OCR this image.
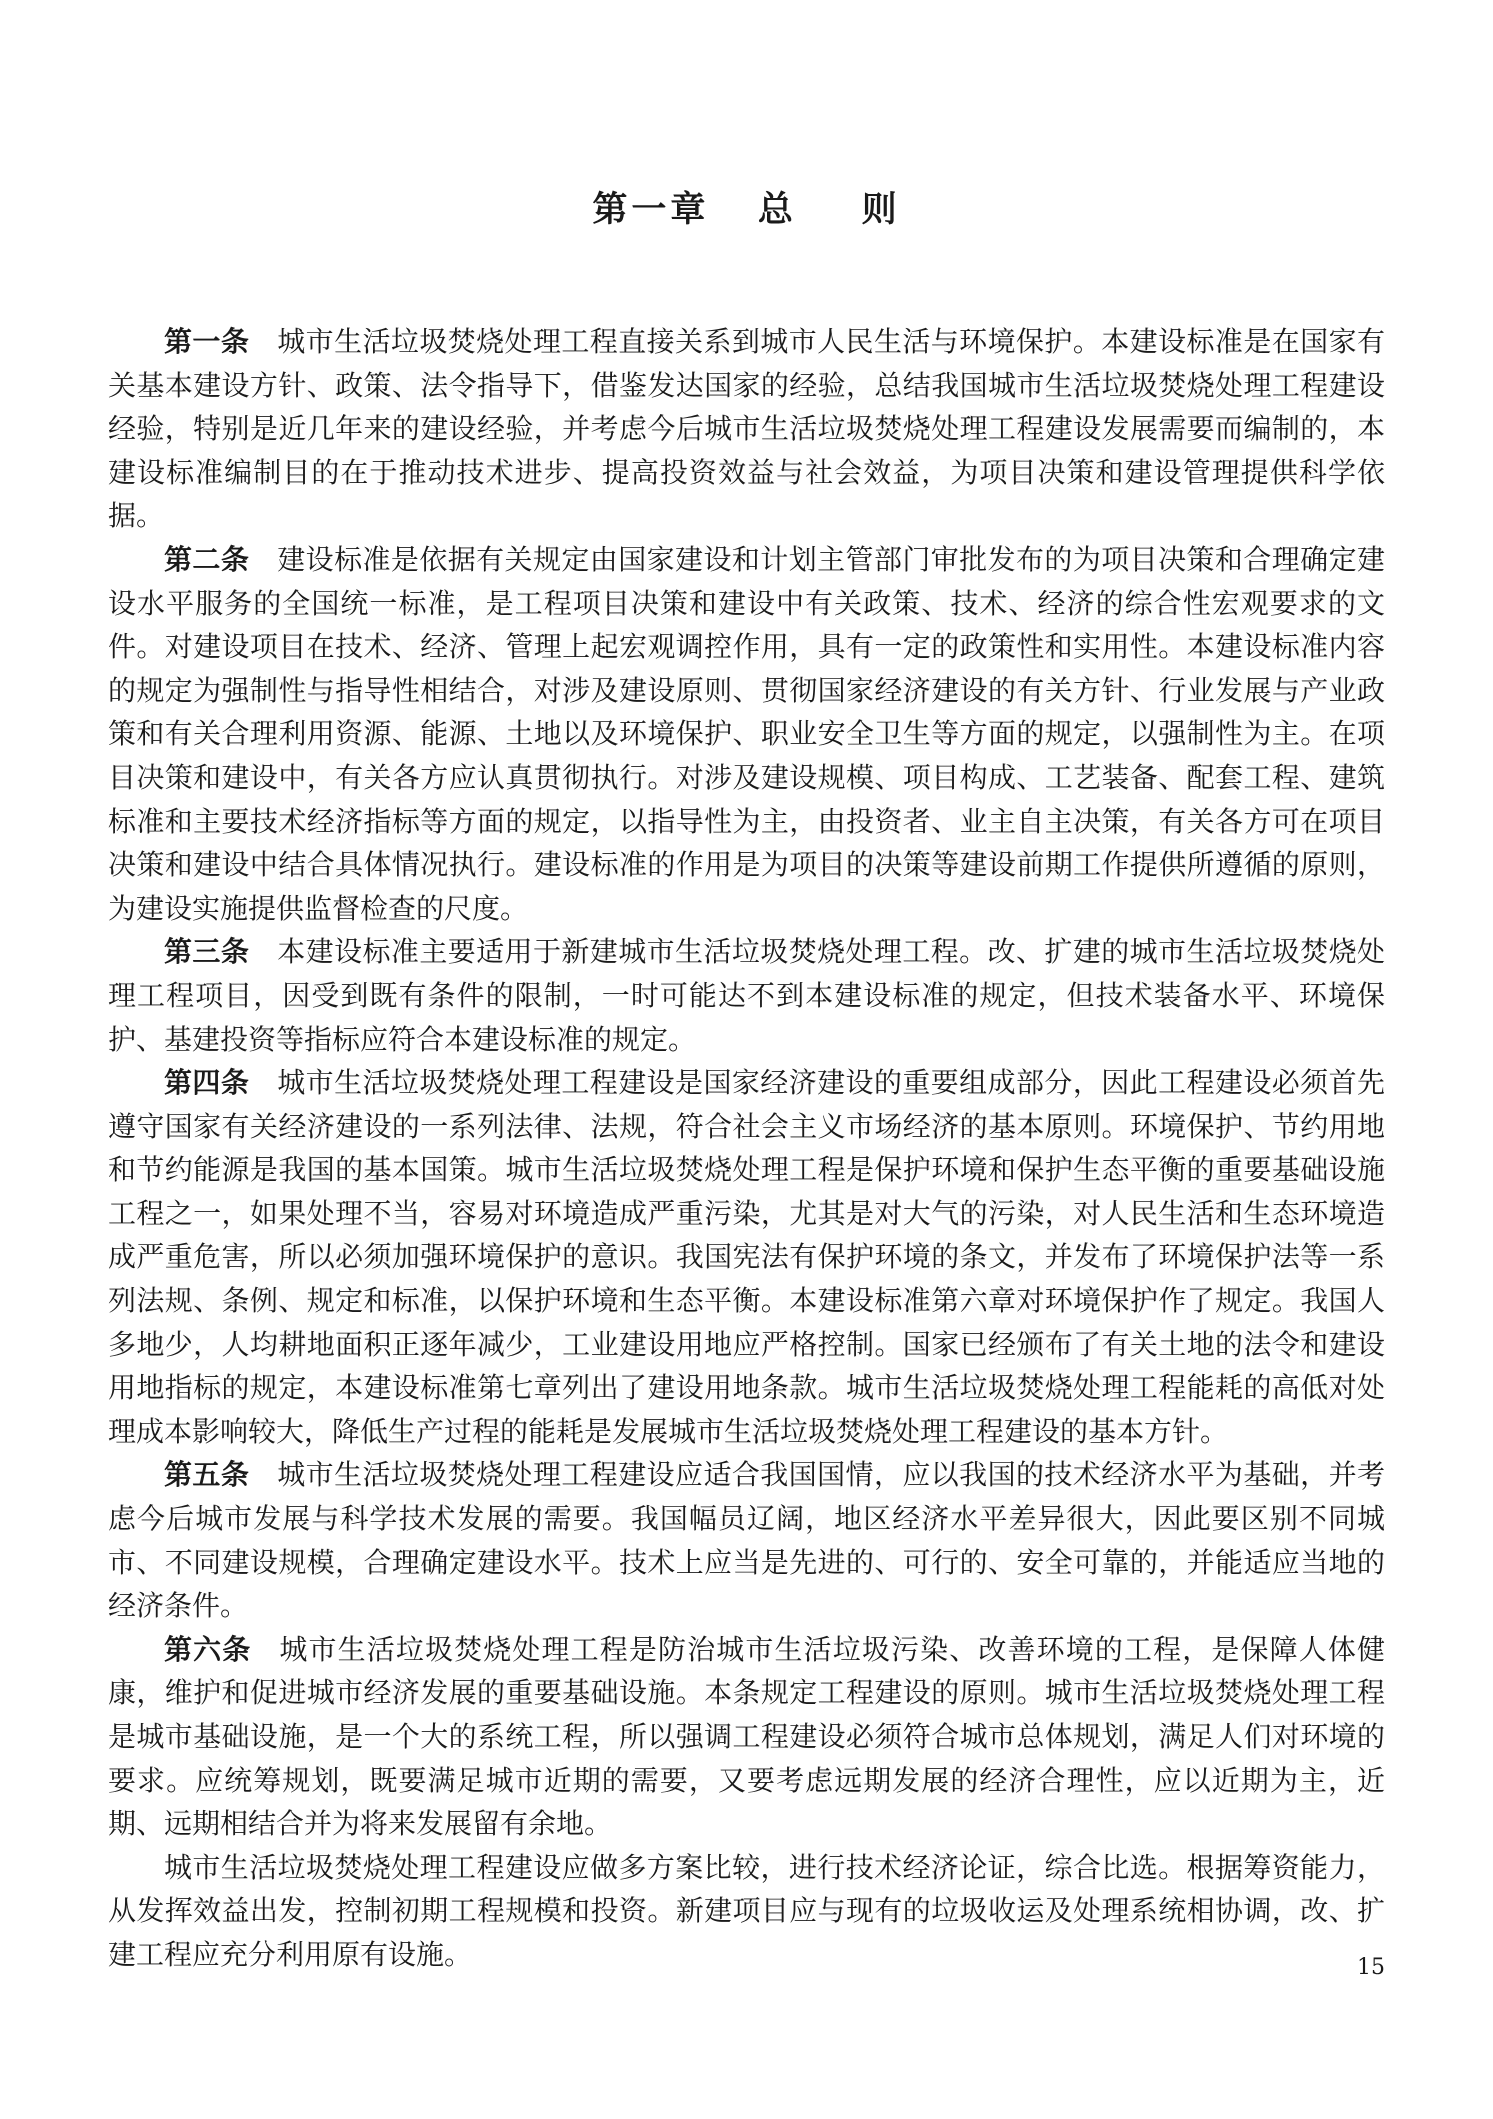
第一章   总    则

第一条 城市生活垃圾焚烧处理工程直接关系到城市人民生活与环境保护。本建设标准是在国家有关基本建设方针、政策、法令指导下，借鉴发达国家的经验，总结我国城市生活垃圾焚烧处理工程建设经验，特别是近几年来的建设经验，并考虑今后城市生活垃圾焚烧处理工程建设发展需要而编制的，本建设标准编制目的在于推动技术进步、提高投资效益与社会效益，为项目决策和建设管理提供科学依据。

第二条 建设标准是依据有关规定由国家建设和计划主管部门审批发布的为项目决策和合理确定建设水平服务的全国统一标准，是工程项目决策和建设中有关政策、技术、经济的综合性宏观要求的文件。对建设项目在技术、经济、管理上起宏观调控作用，具有一定的政策性和实用性。本建设标准内容的规定为强制性与指导性相结合，对涉及建设原则、贯彻国家经济建设的有关方针、行业发展与产业政策和有关合理利用资源、能源、土地以及环境保护、职业安全卫生等方面的规定，以强制性为主。在项目决策和建设中，有关各方应认真贯彻执行。对涉及建设规模、项目构成、工艺装备、配套工程、建筑标准和主要技术经济指标等方面的规定，以指导性为主，由投资者、业主自主决策，有关各方可在项目决策和建设中结合具体情况执行。建设标准的作用是为项目的决策等建设前期工作提供所遵循的原则，为建设实施提供监督检查的尺度。

第三条 本建设标准主要适用于新建城市生活垃圾焚烧处理工程。改、扩建的城市生活垃圾焚烧处理工程项目，因受到既有条件的限制，一时可能达不到本建设标准的规定，但技术装备水平、环境保护、基建投资等指标应符合本建设标准的规定。

第四条 城市生活垃圾焚烧处理工程建设是国家经济建设的重要组成部分，因此工程建设必须首先遵守国家有关经济建设的一系列法律、法规，符合社会主义市场经济的基本原则。环境保护、节约用地和节约能源是我国的基本国策。城市生活垃圾焚烧处理工程是保护环境和保护生态平衡的重要基础设施工程之一，如果处理不当，容易对环境造成严重污染，尤其是对大气的污染，对人民生活和生态环境造成严重危害，所以必须加强环境保护的意识。我国宪法有保护环境的条文，并发布了环境保护法等一系列法规、条例、规定和标准，以保护环境和生态平衡。本建设标准第六章对环境保护作了规定。我国人多地少，人均耕地面积正逐年减少，工业建设用地应严格控制。国家已经颁布了有关土地的法令和建设用地指标的规定，本建设标准第七章列出了建设用地条款。城市生活垃圾焚烧处理工程能耗的高低对处理成本影响较大，降低生产过程的能耗是发展城市生活垃圾焚烧处理工程建设的基本方针。

第五条 城市生活垃圾焚烧处理工程建设应适合我国国情，应以我国的技术经济水平为基础，并考虑今后城市发展与科学技术发展的需要。我国幅员辽阔，地区经济水平差异很大，因此要区别不同城市、不同建设规模，合理确定建设水平。技术上应当是先进的、可行的、安全可靠的，并能适应当地的经济条件。

第六条 城市生活垃圾焚烧处理工程是防治城市生活垃圾污染、改善环境的工程，是保障人体健康，维护和促进城市经济发展的重要基础设施。本条规定工程建设的原则。城市生活垃圾焚烧处理工程是城市基础设施，是一个大的系统工程，所以强调工程建设必须符合城市总体规划，满足人们对环境的要求。应统筹规划，既要满足城市近期的需要，又要考虑远期发展的经济合理性，应以近期为主，近期、远期相结合并为将来发展留有余地。

城市生活垃圾焚烧处理工程建设应做多方案比较，进行技术经济论证，综合比选。根据筹资能力，从发挥效益出发，控制初期工程规模和投资。新建项目应与现有的垃圾收运及处理系统相协调，改、扩建工程应充分利用原有设施。	15
